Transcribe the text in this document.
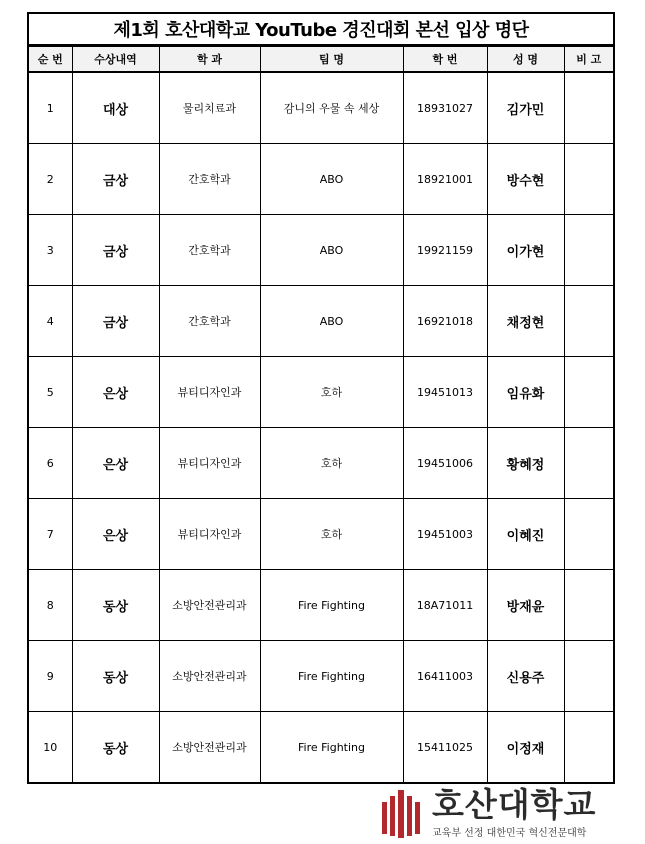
제1회 호산대학교 YouTube 경진대회 본선 입상 명단
순 번	수상내역	학 과	팀 명	학 번	성 명	비 고
1	대상	물리치료과	감니의 우물 속 세상	18931027	김가민	
2	금상	간호학과	ABO	18921001	방수현	
3	금상	간호학과	ABO	19921159	이가현	
4	금상	간호학과	ABO	16921018	채정현	
5	은상	뷰티디자인과	호하	19451013	임유화	
6	은상	뷰티디자인과	호하	19451006	황혜정	
7	은상	뷰티디자인과	호하	19451003	이혜진	
8	동상	소방안전관리과	Fire Fighting	18A71011	방재윤	
9	동상	소방안전관리과	Fire Fighting	16411003	신용주	
10	동상	소방안전관리과	Fire Fighting	15411025	이정재	
호산대학교
교육부 선정 대한민국 혁신전문대학
